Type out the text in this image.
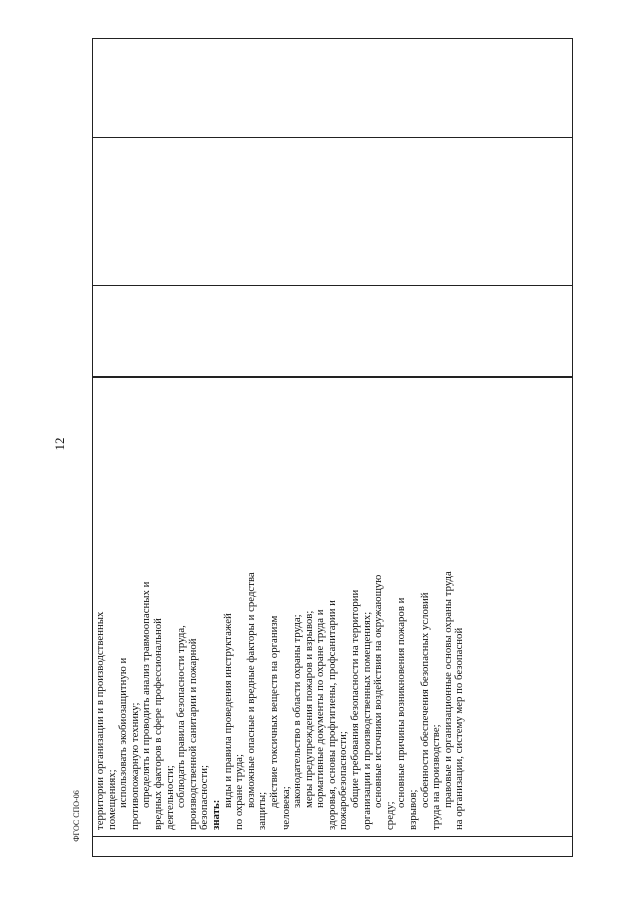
12
ФГОС СПО-06 территории организации и в производственных помещениях; использовать экобиозащитную и противопожарную технику; определять и проводить анализ травмоопасных и вредных факторов в сфере профессиональной деятельности; соблюдать правила безопасности труда, производственной санитарии и пожарной безопасности; знать:
виды и правила проведения инструктажей по охране труда; возможные опасные и вредные факторы и средства
защиты;
действие токсичных веществ на организм
человека;
законодательство в области охраны труда; меры предупреждения пожаров и взрывов; нормативные документы по охране труда и здоровья, основы профгигиены, профсанитарии и пожаробезопасности; общие требования безопасности на территории организации и производственных помещениях; основные источники воздействия на окружающую
среду;
основные причины возникновения пожаров и
взрывов;
особенности обеспечения безопасных условий труда на производстве; правовые и организационные основы охраны труда на организации, систему мер по безопасной
